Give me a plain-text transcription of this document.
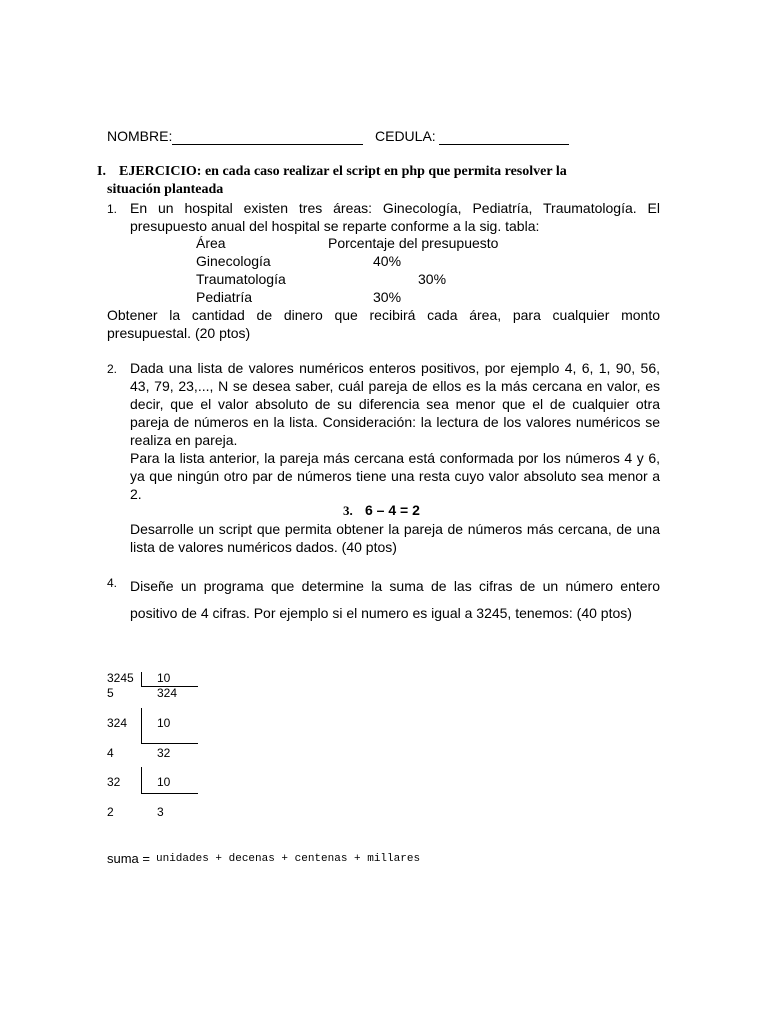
NOMBRE:	CEDULA:
I. EJERCICIO: en cada caso realizar el script en php que permita resolver la
situación planteada
1. En un hospital existen tres áreas: Ginecología, Pediatría, Traumatología. El presupuesto anual del hospital se reparte conforme a la sig. tabla:

Área	Porcentaje del presupuesto
Ginecología	40%
Traumatología	30%
Pediatría	30%

Obtener la cantidad de dinero que recibirá cada área, para cualquier monto presupuestal. (20 ptos)

2. Dada una lista de valores numéricos enteros positivos, por ejemplo 4, 6, 1, 90, 56, 43, 79, 23,..., N se desea saber, cuál pareja de ellos es la más cercana en valor, es decir, que el valor absoluto de su diferencia sea menor que el de cualquier otra pareja de números en la lista. Consideración: la lectura de los valores numéricos se realiza en pareja.

Para la lista anterior, la pareja más cercana está conformada por los números 4 y 6, ya que ningún otro par de números tiene una resta cuyo valor absoluto sea menor a 2.

3. 6 – 4 = 2

Desarrolle un script que permita obtener la pareja de números más cercana, de una lista de valores numéricos dados. (40 ptos)

4. Diseñe un programa que determine la suma de las cifras de un número entero positivo de 4 cifras. Por ejemplo si el numero es igual a 3245, tenemos: (40 ptos)

3245 10
5	324
324 10
4	32
32	10
2	3
suma = unidades + decenas + centenas + millares
